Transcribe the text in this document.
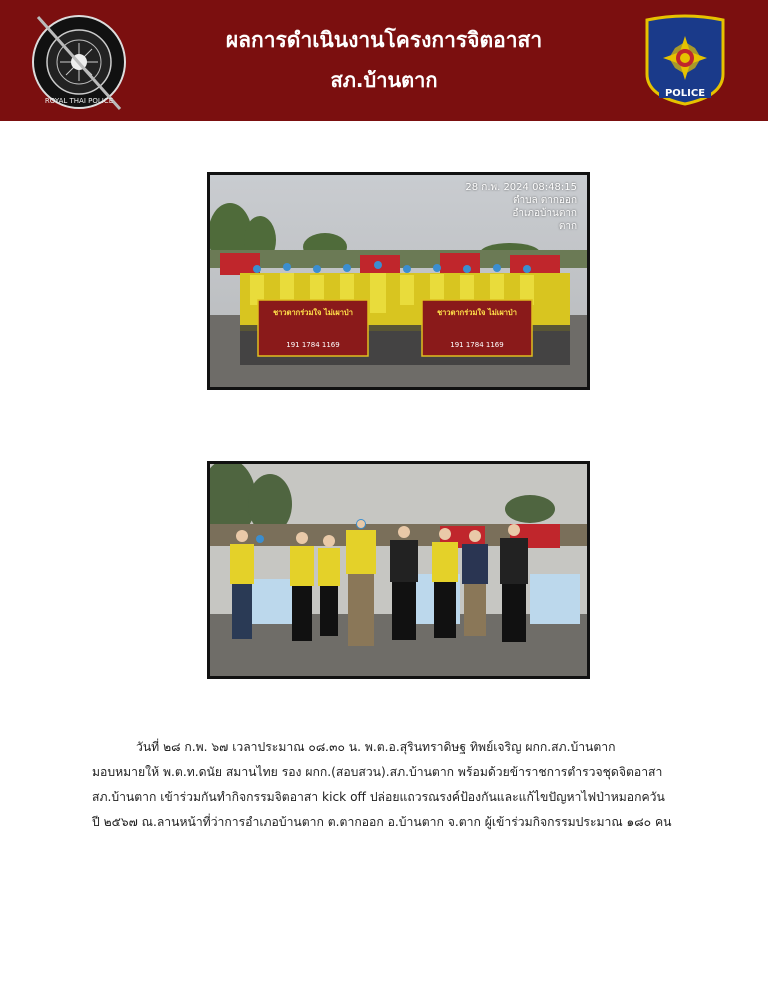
ROYAL THAI POLICE
ผลการดำเนินงานโครงการจิตอาสา
สภ.บ้านตาก
POLICE
ชาวตากร่วมใจ ไม่เผาป่า	ชาวตากร่วมใจ ไม่เผาป่า
191 1784 1169	191 1784 1169
28 ก.พ. 2024 08:48:15
ตำบล ตากออก
อำเภอบ้านตาก
ตาก
วันที่ ๒๘ ก.พ. ๖๗ เวลาประมาณ ๐๘.๓๐ น. พ.ต.อ.สุรินทราดิษฐ ทิพย์เจริญ ผกก.สภ.บ้านตาก
มอบหมายให้ พ.ต.ท.ดนัย สมานไทย รอง ผกก.(สอบสวน).สภ.บ้านตาก พร้อมด้วยข้าราชการตำรวจชุดจิตอาสา
สภ.บ้านตาก เข้าร่วมกันทำกิจกรรมจิตอาสา kick off ปล่อยแถวรณรงค์ป้องกันและแก้ไขปัญหาไฟป่าหมอกควัน
ปี ๒๕๖๗ ณ.ลานหน้าที่ว่าการอำเภอบ้านตาก ต.ตากออก อ.บ้านตาก จ.ตาก ผู้เข้าร่วมกิจกรรมประมาณ ๑๘๐ คน
